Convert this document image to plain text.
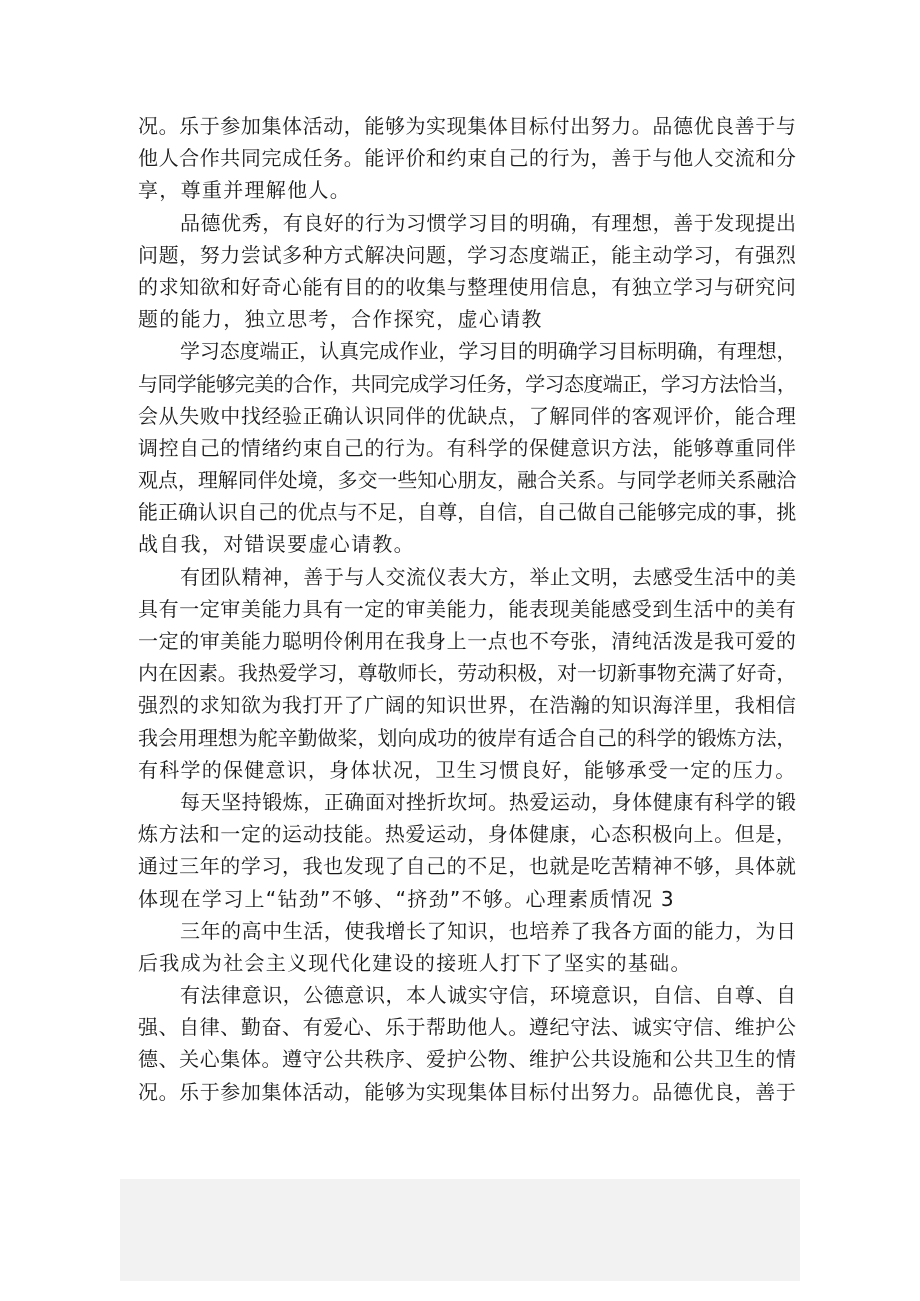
况。乐于参加集体活动，能够为实现集体目标付出努力。品德优良善于与
他人合作共同完成任务。能评价和约束自己的行为，善于与他人交流和分
享，尊重并理解他人。
品德优秀，有良好的行为习惯学习目的明确，有理想，善于发现提出
问题，努力尝试多种方式解决问题，学习态度端正，能主动学习，有强烈
的求知欲和好奇心能有目的的收集与整理使用信息，有独立学习与研究问
题的能力，独立思考，合作探究，虚心请教
学习态度端正，认真完成作业，学习目的明确学习目标明确，有理想，
与同学能够完美的合作，共同完成学习任务，学习态度端正，学习方法恰当，
会从失败中找经验正确认识同伴的优缺点，了解同伴的客观评价，能合理
调控自己的情绪约束自己的行为。有科学的保健意识方法，能够尊重同伴
观点，理解同伴处境，多交一些知心朋友，融合关系。与同学老师关系融洽
能正确认识自己的优点与不足，自尊，自信，自己做自己能够完成的事，挑
战自我，对错误要虚心请教。
有团队精神，善于与人交流仪表大方，举止文明，去感受生活中的美
具有一定审美能力具有一定的审美能力，能表现美能感受到生活中的美有
一定的审美能力聪明伶俐用在我身上一点也不夸张，清纯活泼是我可爱的
内在因素。我热爱学习，尊敬师长，劳动积极，对一切新事物充满了好奇，
强烈的求知欲为我打开了广阔的知识世界，在浩瀚的知识海洋里，我相信
我会用理想为舵辛勤做桨，划向成功的彼岸有适合自己的科学的锻炼方法，
有科学的保健意识，身体状况，卫生习惯良好，能够承受一定的压力。
每天坚持锻炼，正确面对挫折坎坷。热爱运动，身体健康有科学的锻
炼方法和一定的运动技能。热爱运动，身体健康，心态积极向上。但是，
通过三年的学习，我也发现了自己的不足，也就是吃苦精神不够，具体就
体现在学习上“钻劲”不够、“挤劲”不够。心理素质情况 3
三年的高中生活，使我增长了知识，也培养了我各方面的能力，为日
后我成为社会主义现代化建设的接班人打下了坚实的基础。
有法律意识，公德意识，本人诚实守信，环境意识，自信、自尊、自
强、自律、勤奋、有爱心、乐于帮助他人。遵纪守法、诚实守信、维护公
德、关心集体。遵守公共秩序、爱护公物、维护公共设施和公共卫生的情
况。乐于参加集体活动，能够为实现集体目标付出努力。品德优良，善于
